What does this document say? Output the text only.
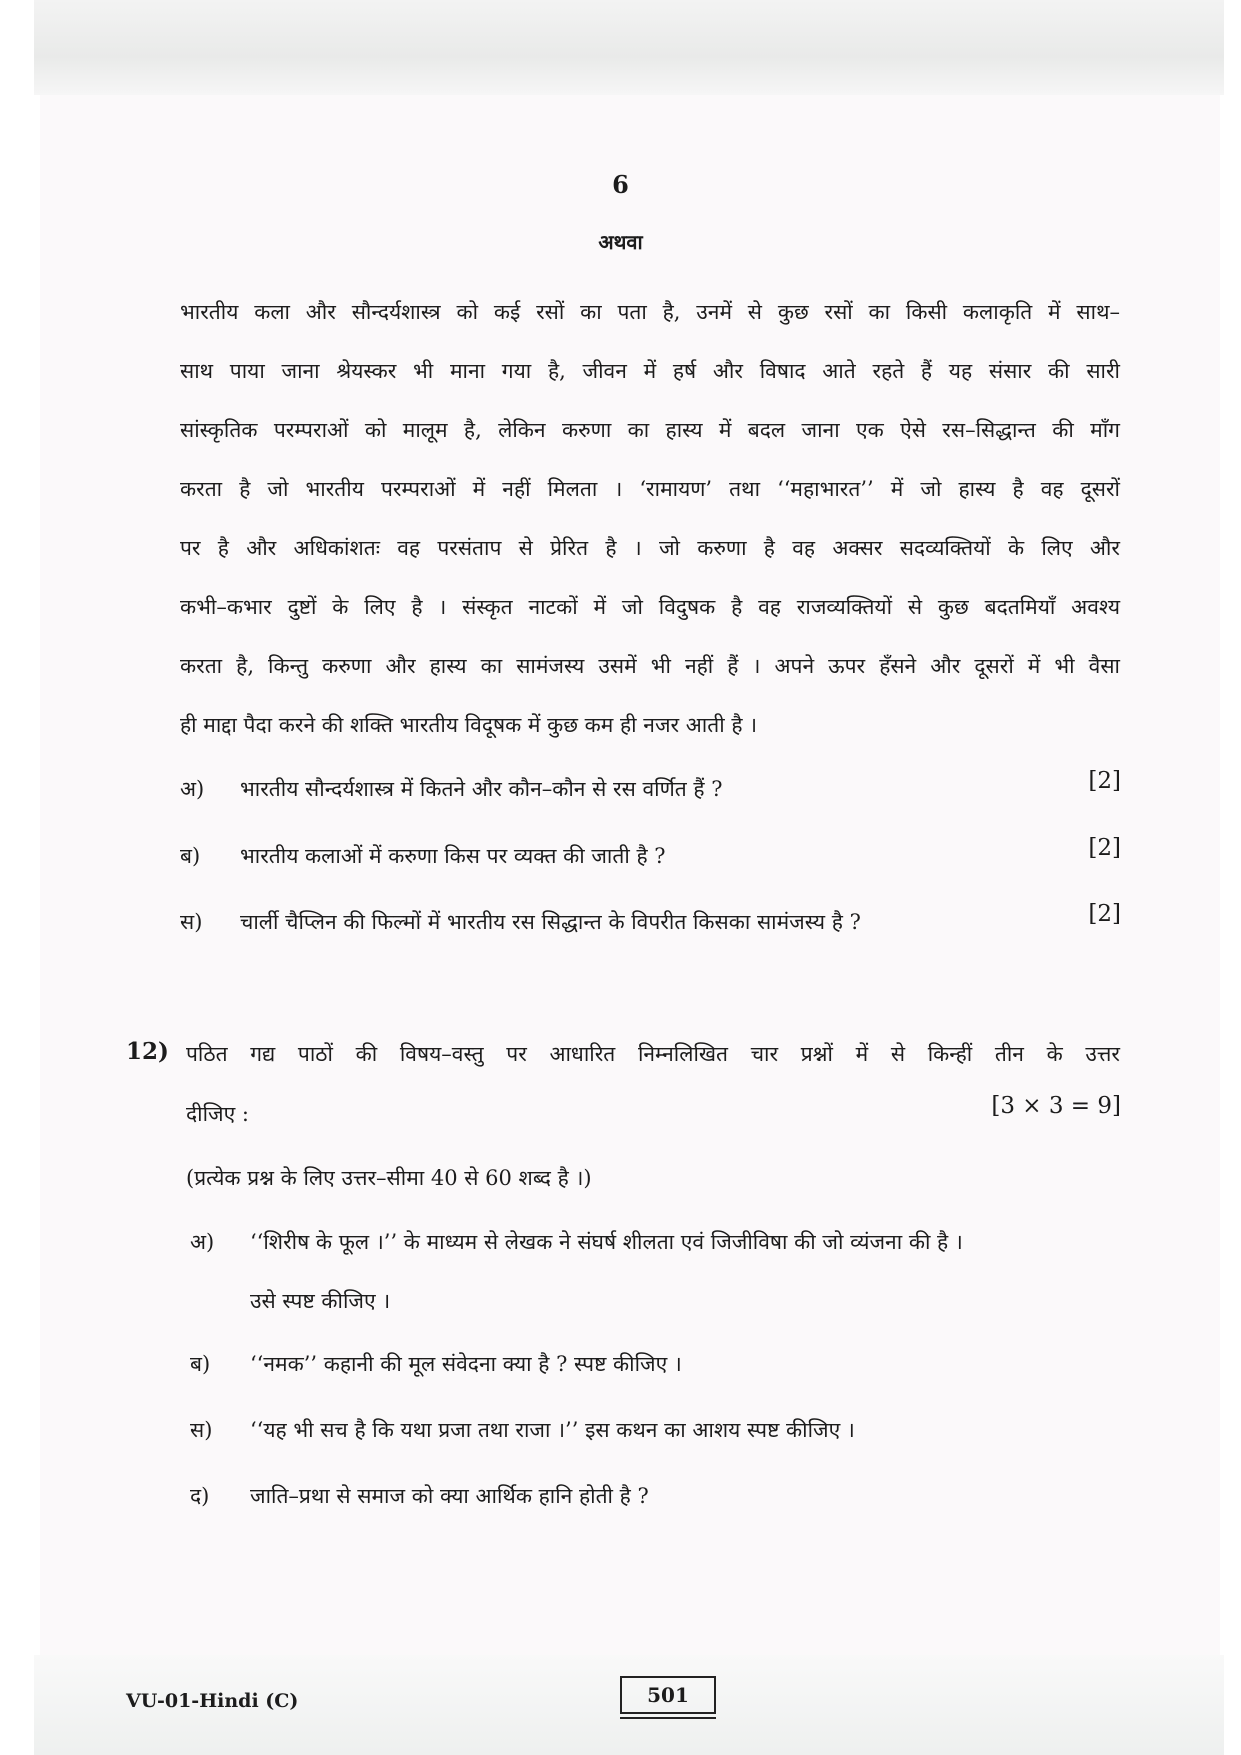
6
अथवा
भारतीय कला और सौन्दर्यशास्त्र को कई रसों का पता है, उनमें से कुछ रसों का किसी कलाकृति में साथ–
साथ पाया जाना श्रेयस्कर भी माना गया है, जीवन में हर्ष और विषाद आते रहते हैं यह संसार की सारी
सांस्कृतिक परम्पराओं को मालूम है, लेकिन करुणा का हास्य में बदल जाना एक ऐसे रस–सिद्धान्त की माँग
करता है जो भारतीय परम्पराओं में नहीं मिलता । ‘रामायण’ तथा ‘‘महाभारत’’ में जो हास्य है वह दूसरों
पर है और अधिकांशतः वह परसंताप से प्रेरित है । जो करुणा है वह अक्सर सदव्यक्तियों के लिए और
कभी–कभार दुष्टों के लिए है । संस्कृत नाटकों में जो विदुषक है वह राजव्यक्तियों से कुछ बदतमियाँ अवश्य
करता है, किन्तु करुणा और हास्य का सामंजस्य उसमें भी नहीं हैं । अपने ऊपर हँसने और दूसरों में भी वैसा
ही माद्दा पैदा करने की शक्ति भारतीय विदूषक में कुछ कम ही नजर आती है ।
अ) भारतीय सौन्दर्यशास्त्र में कितने और कौन–कौन से रस वर्णित हैं ?	[2]
ब) भारतीय कलाओं में करुणा किस पर व्यक्त की जाती है ?	[2]
स) चार्ली चैप्लिन की फिल्मों में भारतीय रस सिद्धान्त के विपरीत किसका सामंजस्य है ?	[2]
12) पठित गद्य पाठों की विषय–वस्तु पर आधारित निम्नलिखित चार प्रश्नों में से किन्हीं तीन के उत्तर
दीजिए :	[3 × 3 = 9]
(प्रत्येक प्रश्न के लिए उत्तर–सीमा 40 से 60 शब्द है ।)
अ) ‘‘शिरीष के फूल ।’’ के माध्यम से लेखक ने संघर्ष शीलता एवं जिजीविषा की जो व्यंजना की है ।
उसे स्पष्ट कीजिए ।
ब) ‘‘नमक’’ कहानी की मूल संवेदना क्या है ? स्पष्ट कीजिए ।
स) ‘‘यह भी सच है कि यथा प्रजा तथा राजा ।’’ इस कथन का आशय स्पष्ट कीजिए ।
द) जाति–प्रथा से समाज को क्या आर्थिक हानि होती है ?
VU-01-Hindi (C)	501
